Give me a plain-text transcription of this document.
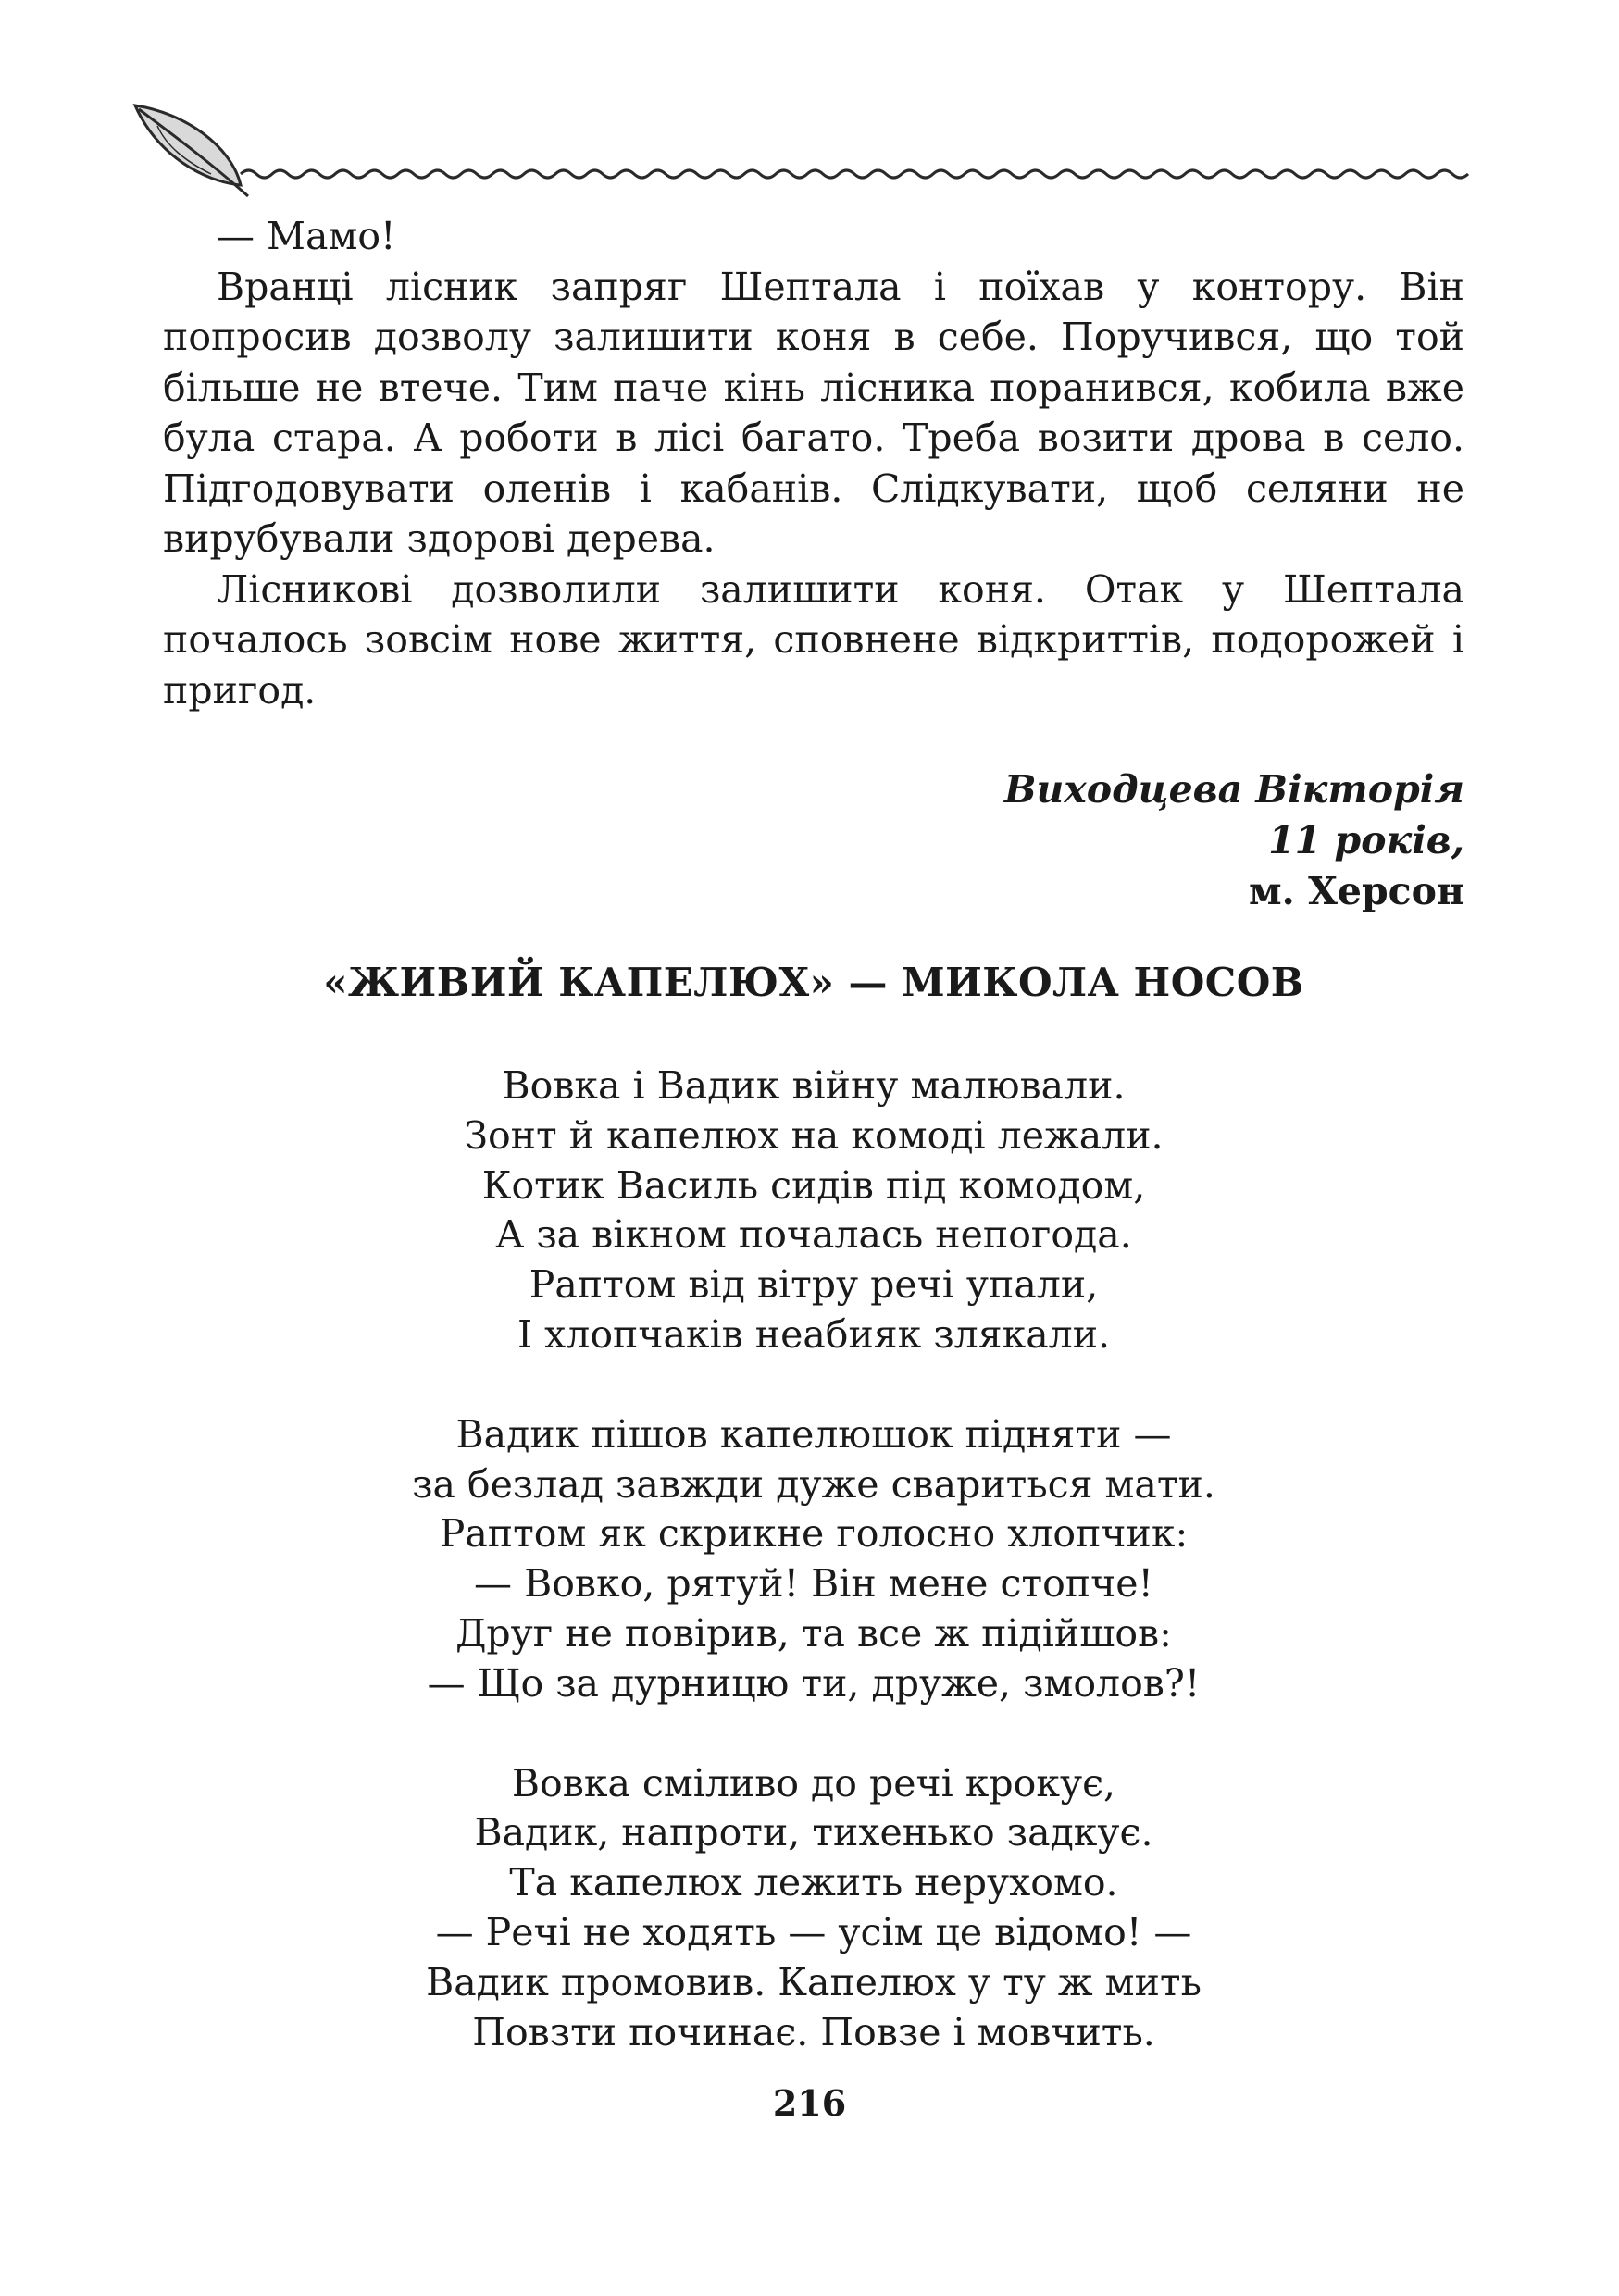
— Мамо!

Вранці лісник запряг Шептала і поїхав у контору. Він попросив дозволу залишити коня в себе. Поручився, що той більше не втече. Тим паче кінь лісника поранився, кобила вже була стара. А роботи в лісі багато. Треба возити дрова в село. Підгодовувати оленів і кабанів. Слідкувати, щоб селяни не вирубували здорові дерева.

Лісникові дозволили залишити коня. Отак у Шептала почалось зовсім нове життя, сповнене відкриттів, подорожей і пригод.

Виходцева Вікторія
11 років,
м. Херсон
«ЖИВИЙ КАПЕЛЮХ» — МИКОЛА НОСОВ
Вовка і Вадик війну малювали.
Зонт й капелюх на комоді лежали.
Котик Василь сидів під комодом,
А за вікном почалась непогода.
Раптом від вітру речі упали,
І хлопчаків неабияк злякали.
Вадик пішов капелюшок підняти —
за безлад завжди дуже свариться мати.
Раптом як скрикне голосно хлопчик:
— Вовко, рятуй! Він мене стопче!
Друг не повірив, та все ж підійшов:
— Що за дурницю ти, друже, змолов?!
Вовка сміливо до речі крокує,
Вадик, напроти, тихенько задкує.
Та капелюх лежить нерухомо.
— Речі не ходять — усім це відомо! —
Вадик промовив. Капелюх у ту ж мить
Повзти починає. Повзе і мовчить.
216
